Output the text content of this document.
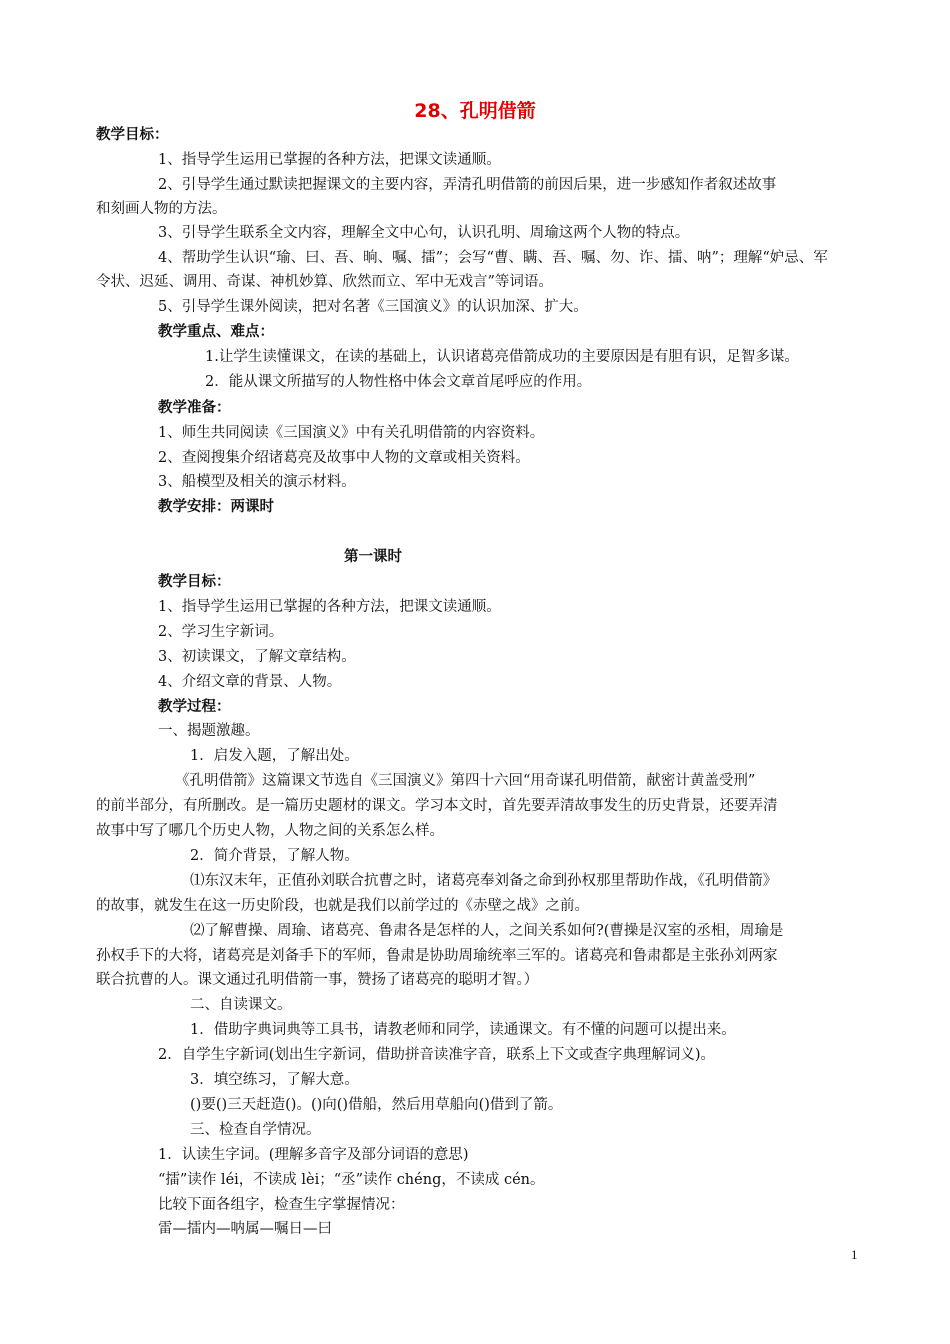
28、孔明借箭
教学目标：
1、指导学生运用已掌握的各种方法，把课文读通顺。
2、引导学生通过默读把握课文的主要内容，弄清孔明借箭的前因后果，进一步感知作者叙述故事
和刻画人物的方法。
3、引导学生联系全文内容，理解全文中心句，认识孔明、周瑜这两个人物的特点。
4、帮助学生认识“瑜、曰、吾、晌、嘱、擂”；会写“曹、瞒、吾、嘱、勿、诈、擂、呐”；理解“妒忌、军
令状、迟延、调用、奇谋、神机妙算、欣然而立、军中无戏言”等词语。
5、引导学生课外阅读，把对名著《三国演义》的认识加深、扩大。
教学重点、难点：
1.让学生读懂课文，在读的基础上，认识诸葛亮借箭成功的主要原因是有胆有识，足智多谋。
2．能从课文所描写的人物性格中体会文章首尾呼应的作用。
教学准备：
1、师生共同阅读《三国演义》中有关孔明借箭的内容资料。
2、查阅搜集介绍诸葛亮及故事中人物的文章或相关资料。
3、船模型及相关的演示材料。
教学安排：两课时
第一课时
教学目标：
1、指导学生运用已掌握的各种方法，把课文读通顺。
2、学习生字新词。
3、初读课文，了解文章结构。
4、介绍文章的背景、人物。
教学过程：
一、揭题激趣。
1．启发入题，了解出处。
《孔明借箭》这篇课文节选自《三国演义》第四十六回“用奇谋孔明借箭，献密计黄盖受刑”
的前半部分，有所删改。是一篇历史题材的课文。学习本文时，首先要弄清故事发生的历史背景，还要弄清
故事中写了哪几个历史人物，人物之间的关系怎么样。
2．简介背景，了解人物。
⑴东汉末年，正值孙刘联合抗曹之时，诸葛亮奉刘备之命到孙权那里帮助作战，《孔明借箭》
的故事，就发生在这一历史阶段，也就是我们以前学过的《赤壁之战》之前。
⑵了解曹操、周瑜、诸葛亮、鲁肃各是怎样的人，之间关系如何?(曹操是汉室的丞相，周瑜是
孙权手下的大将，诸葛亮是刘备手下的军师，鲁肃是协助周瑜统率三军的。诸葛亮和鲁肃都是主张孙刘两家
联合抗曹的人。课文通过孔明借箭一事，赞扬了诸葛亮的聪明才智。）
二、自读课文。
1．借助字典词典等工具书，请教老师和同学，读通课文。有不懂的问题可以提出来。
2．自学生字新词(划出生字新词，借助拼音读准字音，联系上下文或查字典理解词义)。
3．填空练习，了解大意。
()要()三天赶造()。()向()借船，然后用草船向()借到了箭。
三、检查自学情况。
1．认读生字词。(理解多音字及部分词语的意思)
“擂”读作 léi，不读成 lèi；“丞”读作 chéng，不读成 cén。
比较下面各组字，检查生字掌握情况：
雷—擂内—呐属—嘱日—曰
1
